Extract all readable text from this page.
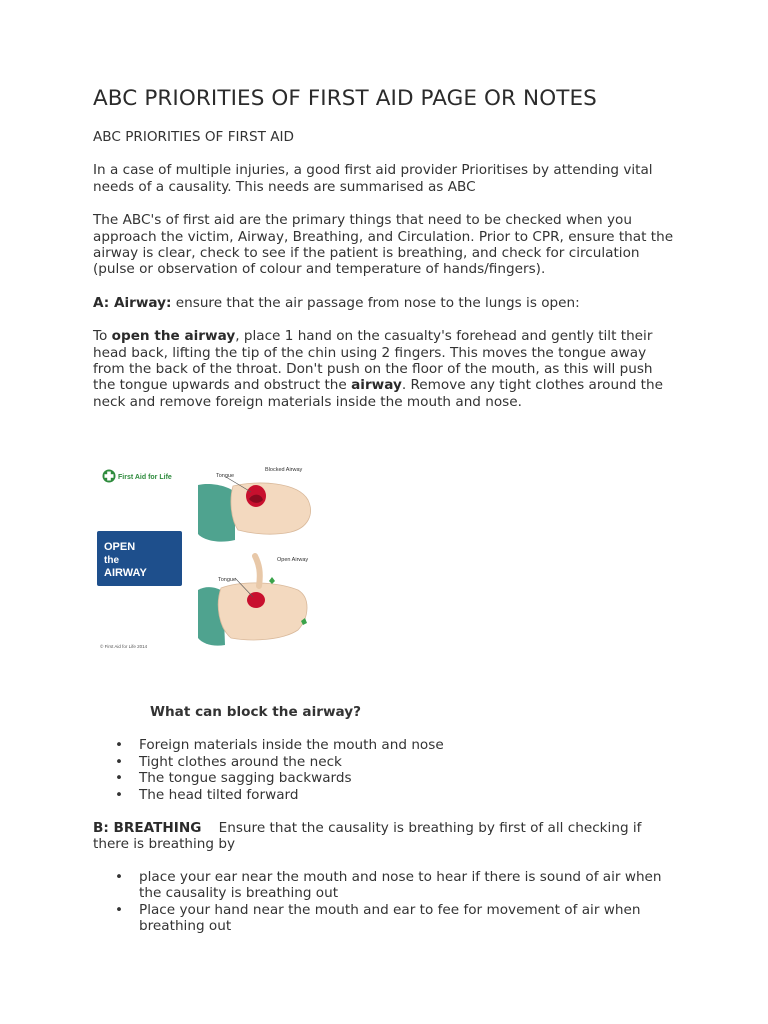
ABC PRIORITIES OF FIRST AID PAGE OR NOTES

ABC PRIORITIES OF FIRST AID

In a case of multiple injuries, a good first aid provider Prioritises by attending vital needs of a causality. This needs are summarised as ABC

The ABC's of first aid are the primary things that need to be checked when you approach the victim, Airway, Breathing, and Circulation. Prior to CPR, ensure that the airway is clear, check to see if the patient is breathing, and check for circulation (pulse or observation of colour and temperature of hands/fingers).

A: Airway: ensure that the air passage from nose to the lungs is open:

To open the airway, place 1 hand on the casualty's forehead and gently tilt their head back, lifting the tip of the chin using 2 fingers. This moves the tongue away from the back of the throat. Don't push on the floor of the mouth, as this will push the tongue upwards and obstruct the airway. Remove any tight clothes around the neck and remove foreign materials inside the mouth and nose.

First Aid for Life	Tongue
Blocked Airway
OPEN
the
AIRWAY
Tongue
Open Airway
© First Aid for Life 2014

What can block the airway?

• Foreign materials inside the mouth and nose
• Tight clothes around the neck
• The tongue sagging backwards
• The head tilted forward

B: BREATHING    Ensure that the causality is breathing by first of all checking if there is breathing by

• place your ear near the mouth and nose to hear if there is sound of air when the causality is breathing out
• Place your hand near the mouth and ear to fee for movement of air when breathing out
